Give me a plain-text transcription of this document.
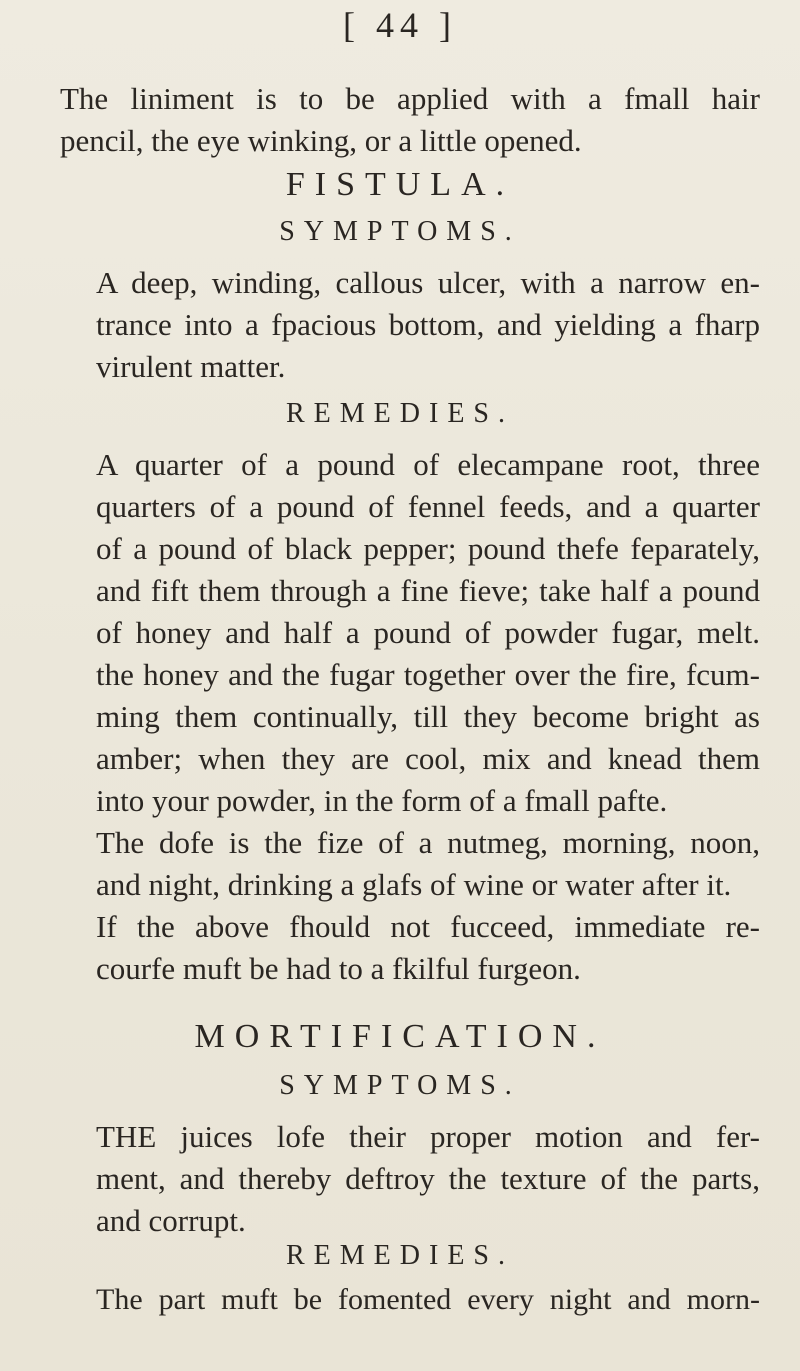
[ 44 ]

The liniment is to be applied with a fmall hair
pencil, the eye winking, or a little opened.

FISTULA.
SYMPTOMS.

A deep, winding, callous ulcer, with a narrow en-
trance into a fpacious bottom, and yielding a fharp
virulent matter.

REMEDIES.

A quarter of a pound of elecampane root, three
quarters of a pound of fennel feeds, and a quarter
of a pound of black pepper; pound thefe feparately,
and fift them through a fine fieve; take half a pound
of honey and half a pound of powder fugar, melt.
the honey and the fugar together over the fire, fcum-
ming them continually, till they become bright as
amber; when they are cool, mix and knead them
into your powder, in the form of a fmall pafte.

The dofe is the fize of a nutmeg, morning, noon,
and night, drinking a glafs of wine or water after it.

If the above fhould not fucceed, immediate re-
courfe muft be had to a fkilful furgeon.

MORTIFICATION.
SYMPTOMS.

THE juices lofe their proper motion and fer-
ment, and thereby deftroy the texture of the parts,
and corrupt.

REMEDIES.
The part muft be fomented every night and morn-
